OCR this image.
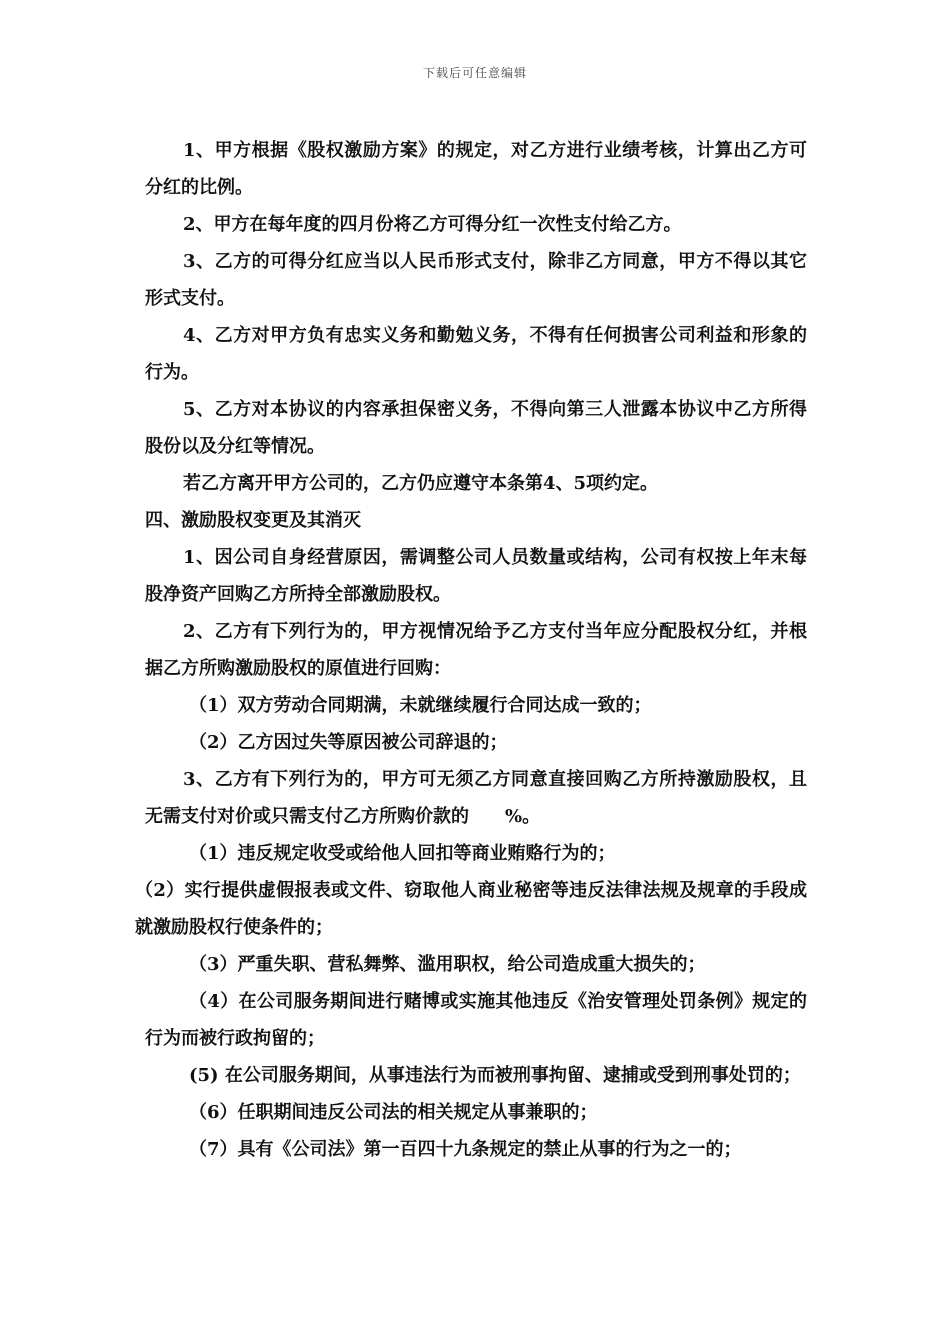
下载后可任意编辑

1、甲方根据《股权激励方案》的规定，对乙方进行业绩考核，计算出乙方可分红的比例。

2、甲方在每年度的四月份将乙方可得分红一次性支付给乙方。

3、乙方的可得分红应当以人民币形式支付，除非乙方同意，甲方不得以其它形式支付。

4、乙方对甲方负有忠实义务和勤勉义务，不得有任何损害公司利益和形象的行为。

5、乙方对本协议的内容承担保密义务，不得向第三人泄露本协议中乙方所得股份以及分红等情况。

若乙方离开甲方公司的，乙方仍应遵守本条第4、5项约定。

四、激励股权变更及其消灭

1、因公司自身经营原因，需调整公司人员数量或结构，公司有权按上年末每股净资产回购乙方所持全部激励股权。

2、乙方有下列行为的，甲方视情况给予乙方支付当年应分配股权分红，并根据乙方所购激励股权的原值进行回购：

（1）双方劳动合同期满，未就继续履行合同达成一致的；

（2）乙方因过失等原因被公司辞退的；

3、乙方有下列行为的，甲方可无须乙方同意直接回购乙方所持激励股权，且无需支付对价或只需支付乙方所购价款的　　%。

（1）违反规定收受或给他人回扣等商业贿赂行为的；

（2）实行提供虚假报表或文件、窃取他人商业秘密等违反法律法规及规章的手段成就激励股权行使条件的；

（3）严重失职、营私舞弊、滥用职权，给公司造成重大损失的；

（4）在公司服务期间进行赌博或实施其他违反《治安管理处罚条例》规定的行为而被行政拘留的；

(5) 在公司服务期间，从事违法行为而被刑事拘留、逮捕或受到刑事处罚的；

（6）任职期间违反公司法的相关规定从事兼职的；

（7）具有《公司法》第一百四十九条规定的禁止从事的行为之一的；
